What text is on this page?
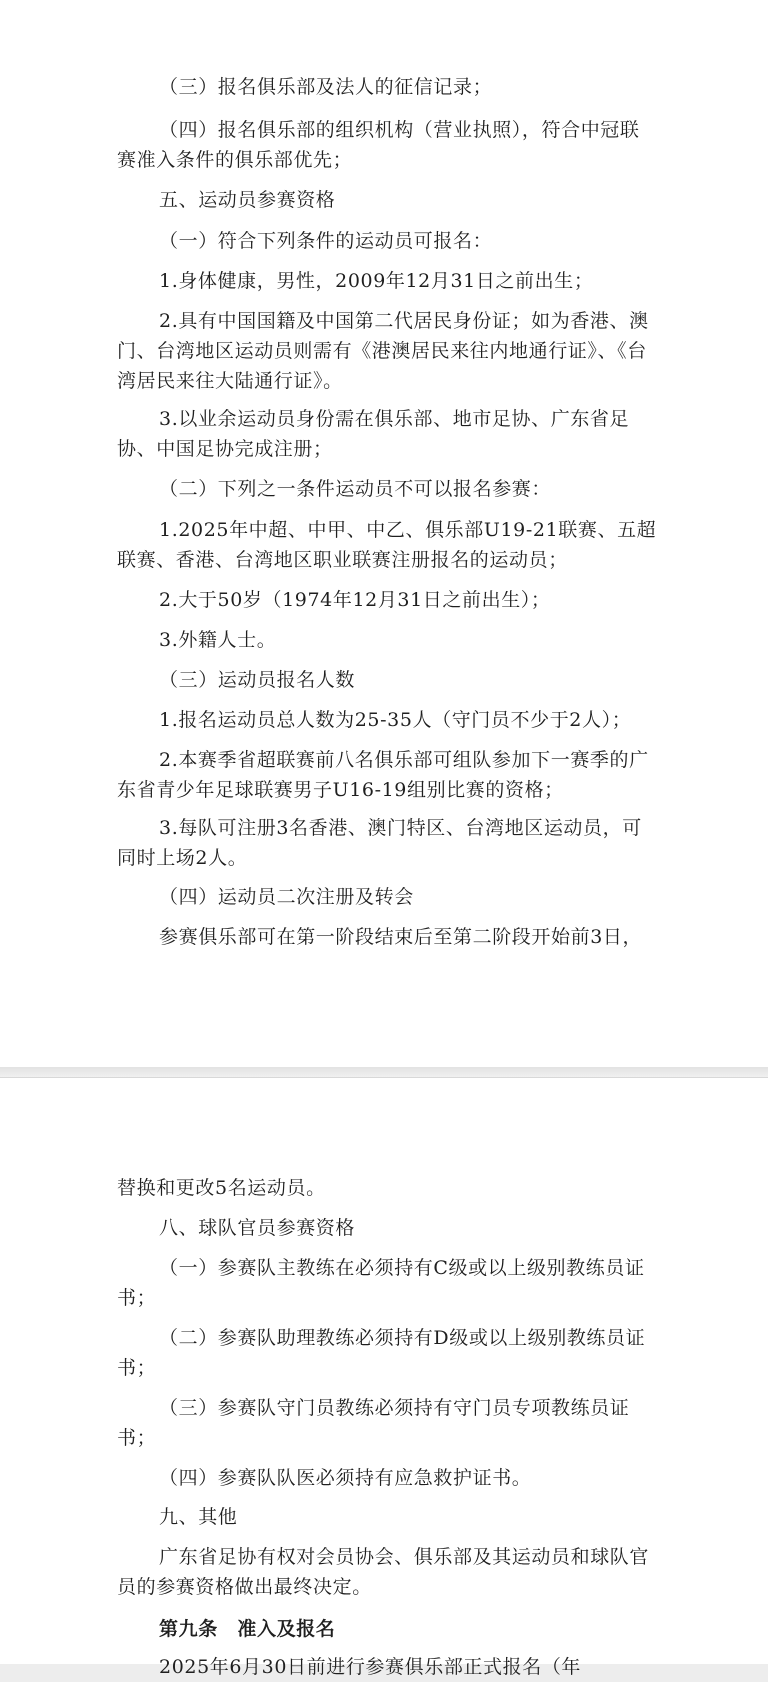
（三）报名俱乐部及法人的征信记录；

（四）报名俱乐部的组织机构（营业执照），符合中冠联赛准入条件的俱乐部优先；

五、运动员参赛资格

（一）符合下列条件的运动员可报名：

1.身体健康，男性，2009年12月31日之前出生；

2.具有中国国籍及中国第二代居民身份证；如为香港、澳门、台湾地区运动员则需有《港澳居民来往内地通行证》、《台湾居民来往大陆通行证》。

3.以业余运动员身份需在俱乐部、地市足协、广东省足协、中国足协完成注册；

（二）下列之一条件运动员不可以报名参赛：

1.2025年中超、中甲、中乙、俱乐部U19-21联赛、五超联赛、香港、台湾地区职业联赛注册报名的运动员；

2.大于50岁（1974年12月31日之前出生）；

3.外籍人士。

（三）运动员报名人数

1.报名运动员总人数为25-35人（守门员不少于2人）；

2.本赛季省超联赛前八名俱乐部可组队参加下一赛季的广东省青少年足球联赛男子U16-19组别比赛的资格；

3.每队可注册3名香港、澳门特区、台湾地区运动员，可同时上场2人。

（四）运动员二次注册及转会

参赛俱乐部可在第一阶段结束后至第二阶段开始前3日，

替换和更改5名运动员。

八、球队官员参赛资格

（一）参赛队主教练在必须持有C级或以上级别教练员证书；

（二）参赛队助理教练必须持有D级或以上级别教练员证书；

（三）参赛队守门员教练必须持有守门员专项教练员证书；

（四）参赛队队医必须持有应急救护证书。

九、其他

广东省足协有权对会员协会、俱乐部及其运动员和球队官员的参赛资格做出最终决定。

第九条　准入及报名

2025年6月30日前进行参赛俱乐部正式报名（年
